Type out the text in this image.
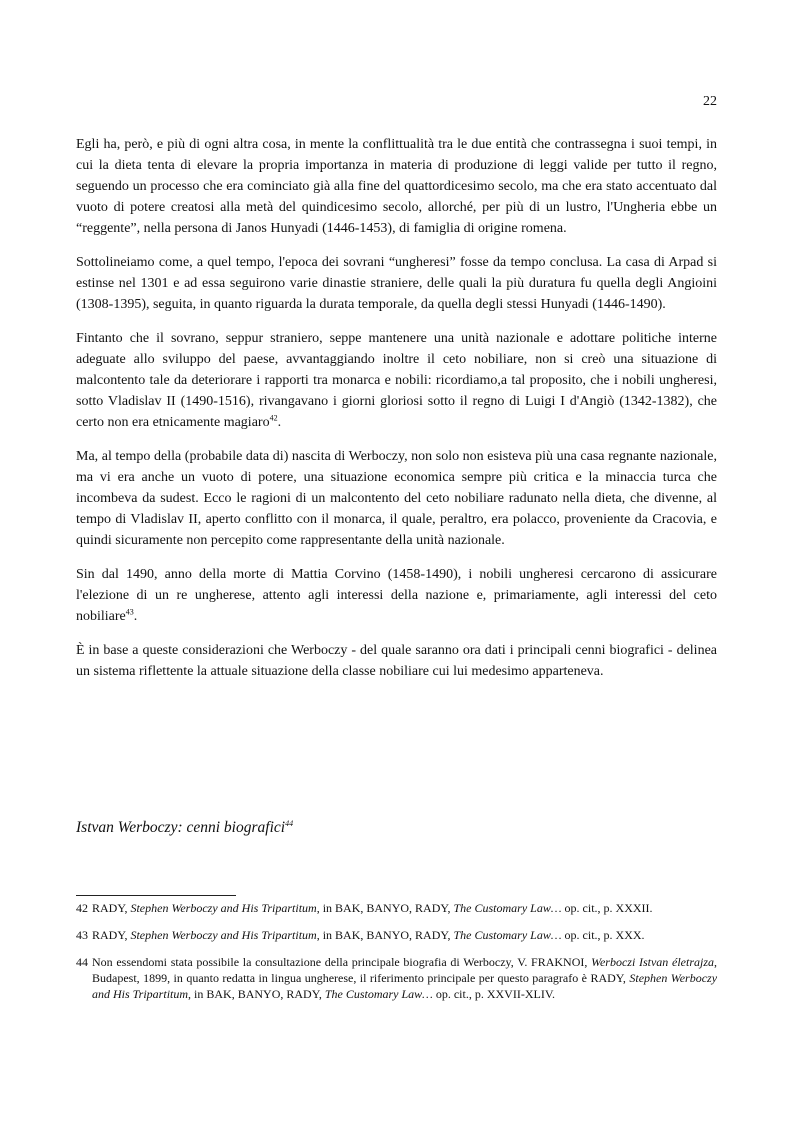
22

Egli ha, però, e più di ogni altra cosa, in mente la conflittualità tra le due entità che contrassegna i suoi tempi, in cui la dieta tenta di elevare la propria importanza in materia di produzione di leggi valide per tutto il regno, seguendo un processo che era cominciato già alla fine del quattordicesimo secolo, ma che era stato accentuato dal vuoto di potere creatosi alla metà del quindicesimo secolo, allorché, per più di un lustro, l'Ungheria ebbe un “reggente”, nella persona di Janos Hunyadi (1446-1453), di famiglia di origine romena.

Sottolineiamo come, a quel tempo, l'epoca dei sovrani “ungheresi” fosse da tempo conclusa. La casa di Arpad si estinse nel 1301 e ad essa seguirono varie dinastie straniere, delle quali la più duratura fu quella degli Angioini (1308-1395), seguita, in quanto riguarda la durata temporale, da quella degli stessi Hunyadi (1446-1490).

Fintanto che il sovrano, seppur straniero, seppe mantenere una unità nazionale e adottare politiche interne adeguate allo sviluppo del paese, avvantaggiando inoltre il ceto nobiliare, non si creò una situazione di malcontento tale da deteriorare i rapporti tra monarca e nobili: ricordiamo,a tal proposito, che i nobili ungheresi, sotto Vladislav II (1490-1516), rivangavano i giorni gloriosi sotto il regno di Luigi I d'Angiò (1342-1382), che certo non era etnicamente magiaro$^{42}$.

Ma, al tempo della (probabile data di) nascita di Werboczy, non solo non esisteva più una casa regnante nazionale, ma vi era anche un vuoto di potere, una situazione economica sempre più critica e la minaccia turca che incombeva da sudest. Ecco le ragioni di un malcontento del ceto nobiliare radunato nella dieta, che divenne, al tempo di Vladislav II, aperto conflitto con il monarca, il quale, peraltro, era polacco, proveniente da Cracovia, e quindi sicuramente non percepito come rappresentante della unità nazionale.

Sin dal 1490, anno della morte di Mattia Corvino (1458-1490), i nobili ungheresi cercarono di assicurare l'elezione di un re ungherese, attento agli interessi della nazione e, primariamente, agli interessi del ceto nobiliare$^{43}$.

È in base a queste considerazioni che Werboczy - del quale saranno ora dati i principali cenni biografici - delinea un sistema riflettente la attuale situazione della classe nobiliare cui lui medesimo apparteneva.

Istvan Werboczy: cenni biografici$^{44}$
42 RADY, Stephen Werboczy and His Tripartitum, in BAK, BANYO, RADY, The Customary Law… op. cit., p. XXXII.
43 RADY, Stephen Werboczy and His Tripartitum, in BAK, BANYO, RADY, The Customary Law… op. cit., p. XXX.
44 Non essendomi stata possibile la consultazione della principale biografia di Werboczy, V. FRAKNOI, Werboczi Istvan életrajza, Budapest, 1899, in quanto redatta in lingua ungherese, il riferimento principale per questo paragrafo è RADY, Stephen Werboczy and His Tripartitum, in BAK, BANYO, RADY, The Customary Law… op. cit., p. XXVII-XLIV.
